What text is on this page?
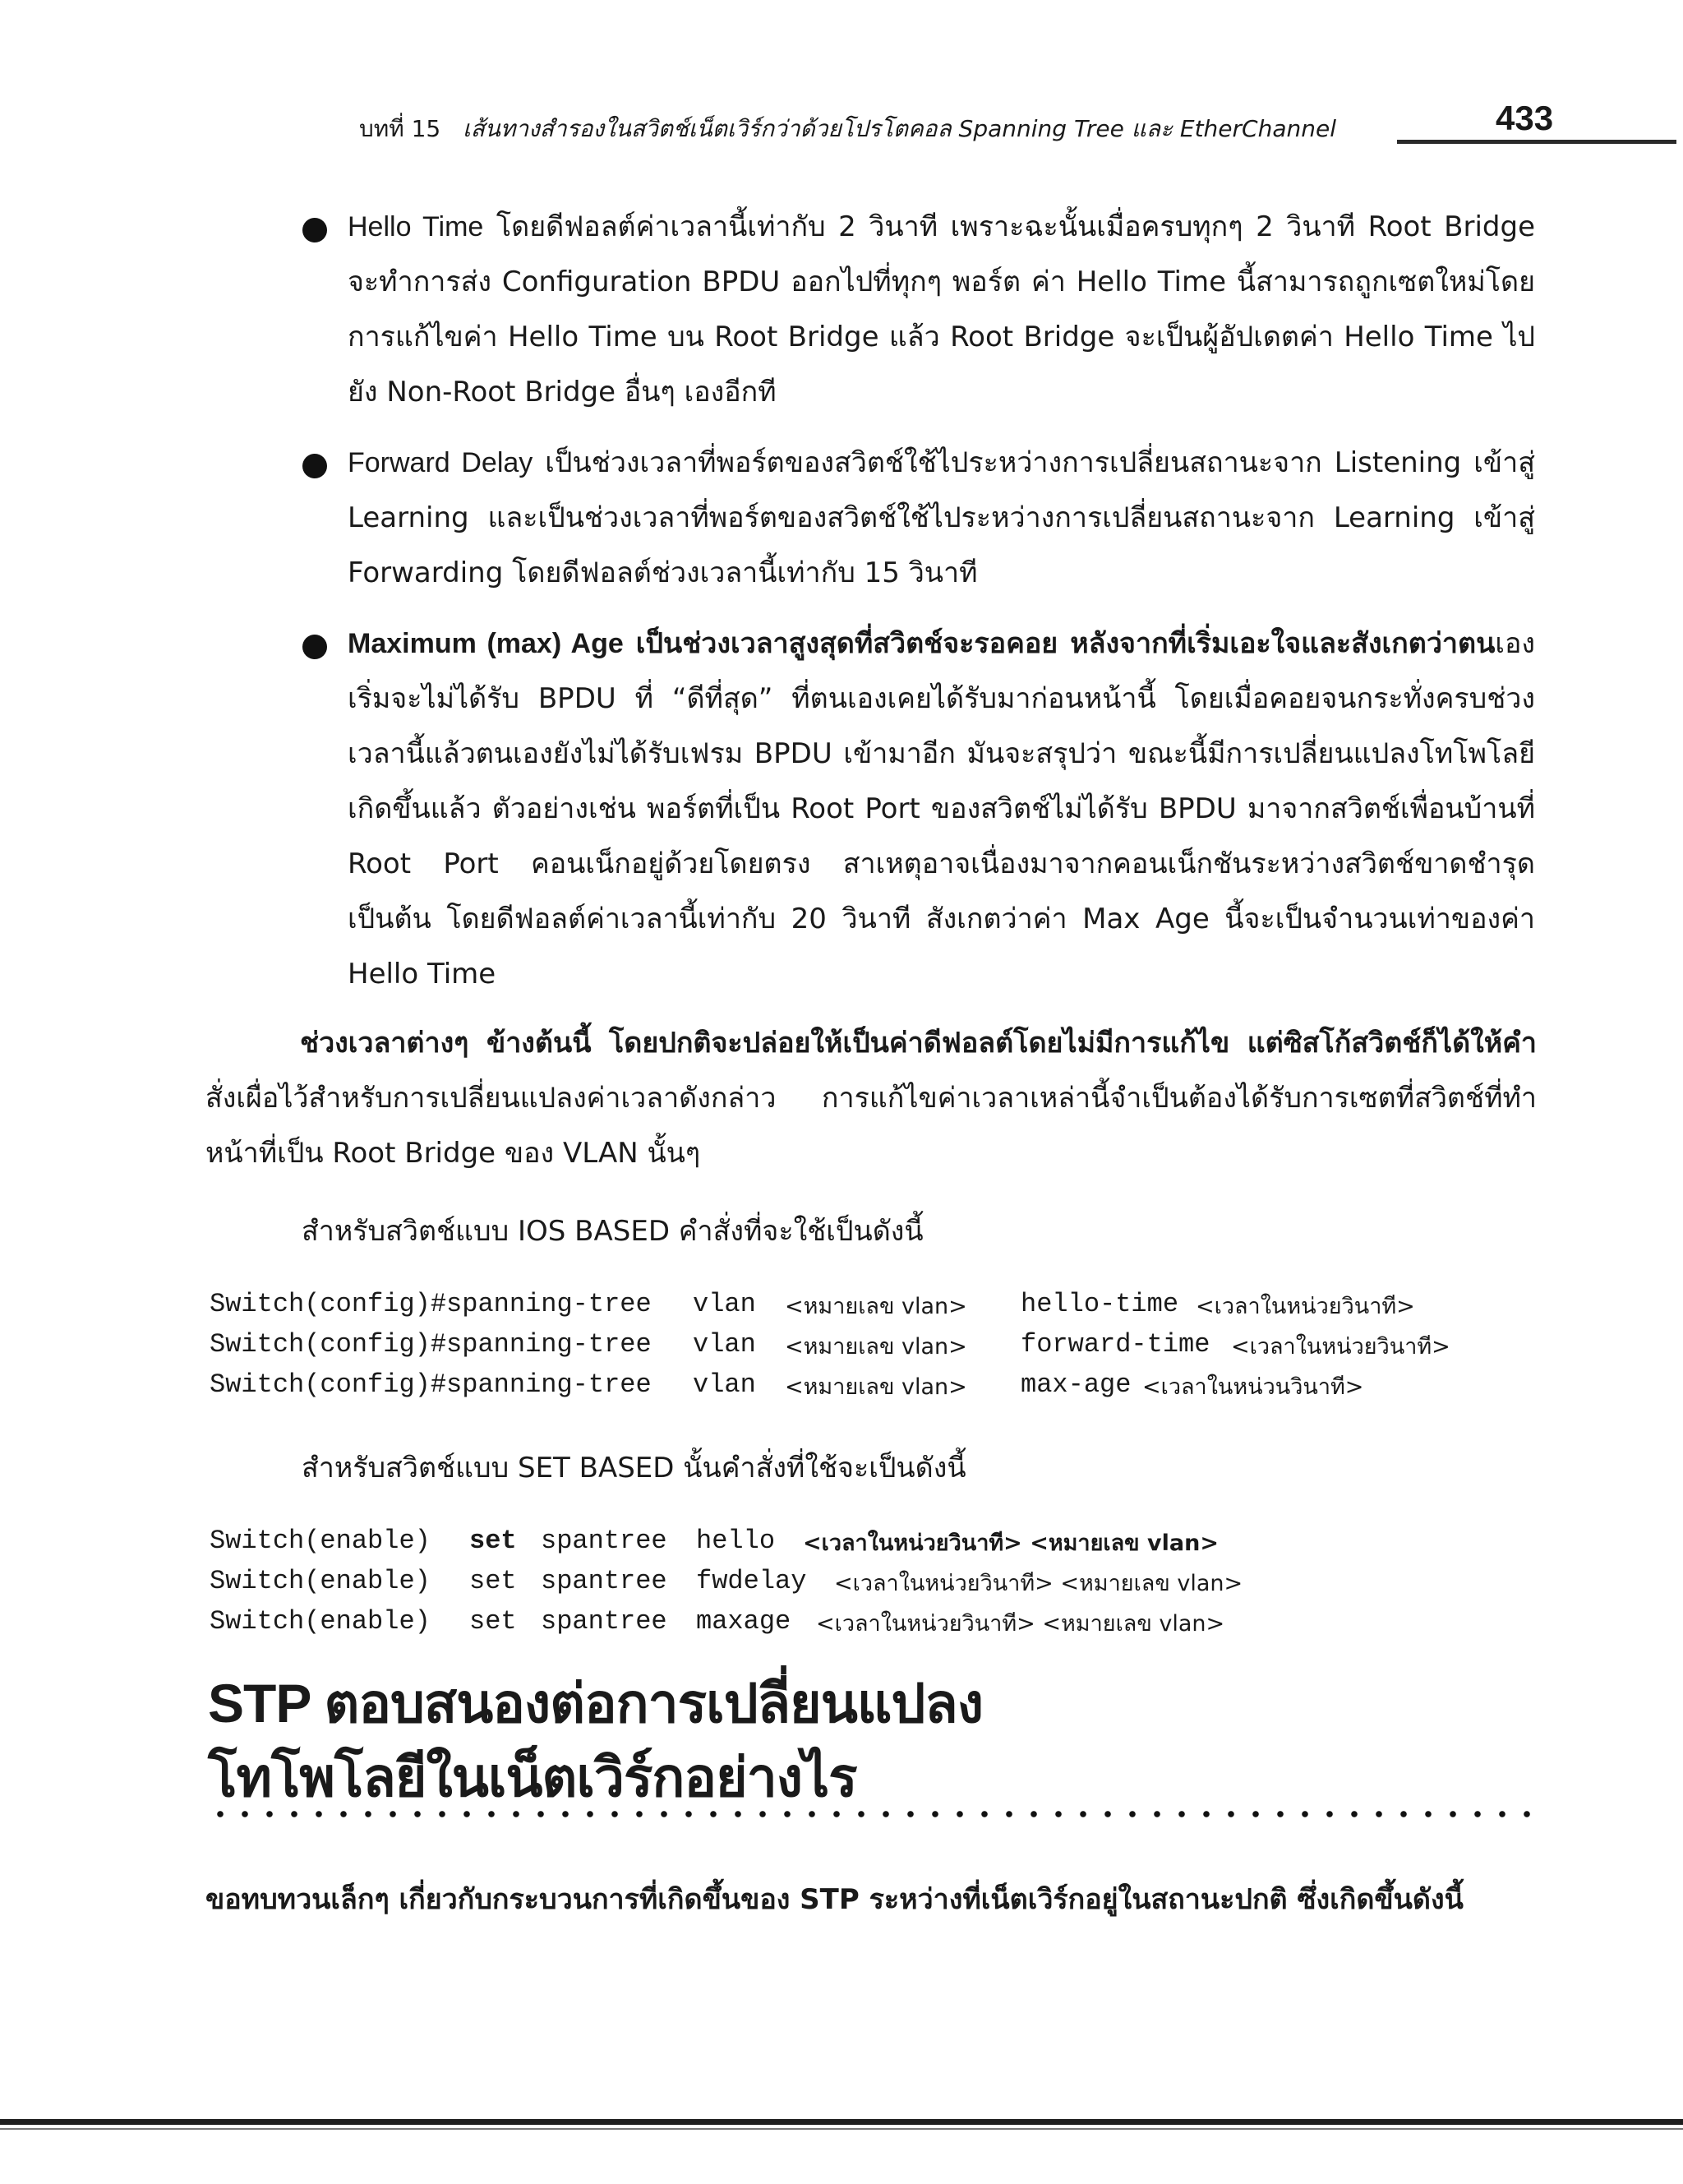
บทที่ 15 เส้นทางสำรองในสวิตช์เน็ตเวิร์กว่าด้วยโปรโตคอล Spanning Tree และ EtherChannel	433
Hello Time โดยดีฟอลต์ค่าเวลานี้เท่ากับ 2 วินาที เพราะฉะนั้นเมื่อครบทุกๆ 2 วินาที Root Bridge จะทำการส่ง Configuration BPDU ออกไปที่ทุกๆ พอร์ต ค่า Hello Time นี้สามารถถูกเซตใหม่โดยการแก้ไขค่า Hello Time บน Root Bridge แล้ว Root Bridge จะเป็นผู้อัปเดตค่า Hello Time ไปยัง Non-Root Bridge อื่นๆ เองอีกที
Forward Delay เป็นช่วงเวลาที่พอร์ตของสวิตช์ใช้ไประหว่างการเปลี่ยนสถานะจาก Listening เข้าสู่ Learning และเป็นช่วงเวลาที่พอร์ตของสวิตช์ใช้ไประหว่างการเปลี่ยนสถานะจาก Learning เข้าสู่ Forwarding โดยดีฟอลต์ช่วงเวลานี้เท่ากับ 15 วินาที
Maximum (max) Age เป็นช่วงเวลาสูงสุดที่สวิตช์จะรอคอย หลังจากที่เริ่มเอะใจและสังเกตว่าตนเองเริ่มจะไม่ได้รับ BPDU ที่ “ดีที่สุด” ที่ตนเองเคยได้รับมาก่อนหน้านี้ โดยเมื่อคอยจนกระทั่งครบช่วงเวลานี้แล้วตนเองยังไม่ได้รับเฟรม BPDU เข้ามาอีก มันจะสรุปว่า ขณะนี้มีการเปลี่ยนแปลงโทโพโลยีเกิดขึ้นแล้ว ตัวอย่างเช่น พอร์ตที่เป็น Root Port ของสวิตช์ไม่ได้รับ BPDU มาจากสวิตช์เพื่อนบ้านที่ Root Port คอนเน็กอยู่ด้วยโดยตรง สาเหตุอาจเนื่องมาจากคอนเน็กชันระหว่างสวิตช์ขาดชำรุดเป็นต้น โดยดีฟอลต์ค่าเวลานี้เท่ากับ 20 วินาที สังเกตว่าค่า Max Age นี้จะเป็นจำนวนเท่าของค่า Hello Time
ช่วงเวลาต่างๆ ข้างต้นนี้ โดยปกติจะปล่อยให้เป็นค่าดีฟอลต์โดยไม่มีการแก้ไข แต่ซิสโก้สวิตช์ก็ได้ให้คำสั่งเผื่อไว้สำหรับการเปลี่ยนแปลงค่าเวลาดังกล่าว การแก้ไขค่าเวลาเหล่านี้จำเป็นต้องได้รับการเซตที่สวิตช์ที่ทำหน้าที่เป็น Root Bridge ของ VLAN นั้นๆ
สำหรับสวิตช์แบบ IOS BASED คำสั่งที่จะใช้เป็นดังนี้
Switch(config)#spanning-tree vlan <หมายเลข vlan> hello-time <เวลาในหน่วยวินาที>
Switch(config)#spanning-tree vlan <หมายเลข vlan> forward-time <เวลาในหน่วยวินาที>
Switch(config)#spanning-tree vlan <หมายเลข vlan> max-age <เวลาในหน่วนวินาที>
สำหรับสวิตช์แบบ SET BASED นั้นคำสั่งที่ใช้จะเป็นดังนี้
Switch(enable) set spantree hello <เวลาในหน่วยวินาที> <หมายเลข vlan>
Switch(enable) set spantree fwdelay <เวลาในหน่วยวินาที> <หมายเลข vlan>
Switch(enable) set spantree maxage <เวลาในหน่วยวินาที> <หมายเลข vlan>
STP ตอบสนองต่อการเปลี่ยนแปลง
โทโพโลยีในเน็ตเวิร์กอย่างไร
ขอทบทวนเล็กๆ เกี่ยวกับกระบวนการที่เกิดขึ้นของ STP ระหว่างที่เน็ตเวิร์กอยู่ในสถานะปกติ ซึ่งเกิดขึ้นดังนี้
